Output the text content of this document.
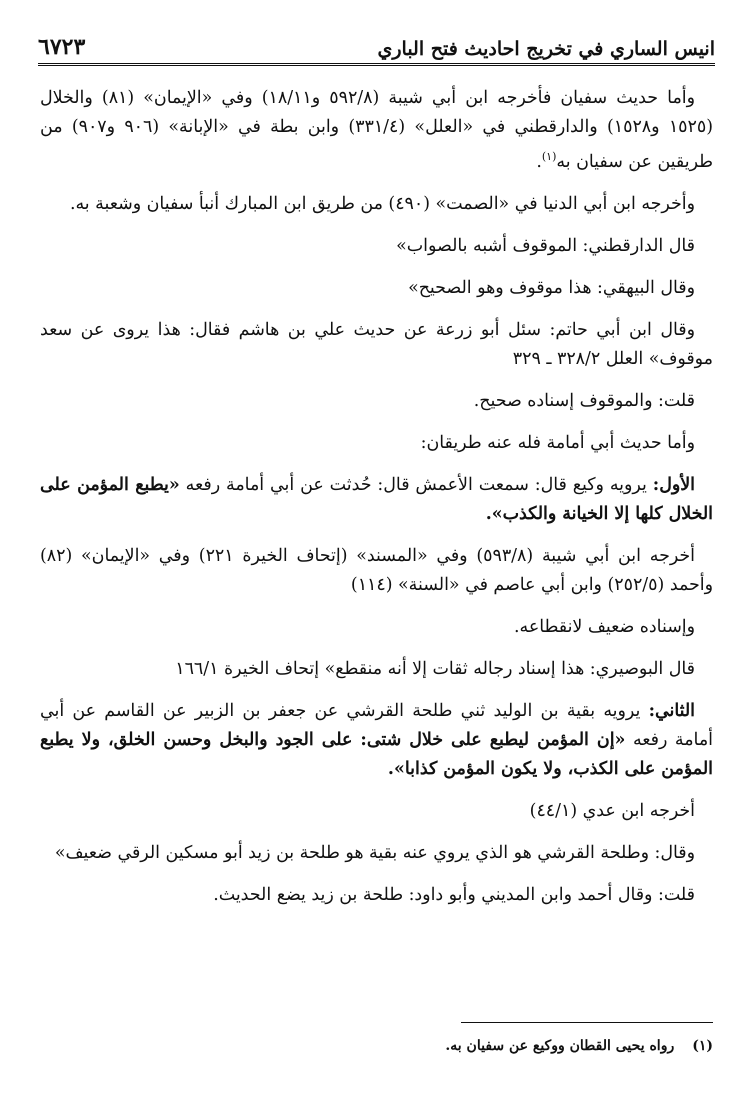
انيس الساري في تخريج احاديث فتح الباري
٦٧٢٣

وأما حديث سفيان فأخرجه ابن أبي شيبة (٥٩٢/٨ و١٨/١١) وفي «الإيمان» (٨١) والخلال (١٥٢٥ و١٥٢٨) والدارقطني في «العلل» (٣٣١/٤) وابن بطة في «الإبانة» (٩٠٦ و٩٠٧) من طريقين عن سفيان به$^{(١)}$.

وأخرجه ابن أبي الدنيا في «الصمت» (٤٩٠) من طريق ابن المبارك أنبأ سفيان وشعبة به.

قال الدارقطني: الموقوف أشبه بالصواب»

وقال البيهقي: هذا موقوف وهو الصحيح»

وقال ابن أبي حاتم: سئل أبو زرعة عن حديث علي بن هاشم فقال: هذا يروى عن سعد موقوف» العلل ٣٢٨/٢ ـ ٣٢٩

قلت: والموقوف إسناده صحيح.

وأما حديث أبي أمامة فله عنه طريقان:

الأول: يرويه وكيع قال: سمعت الأعمش قال: حُدثت عن أبي أمامة رفعه «يطبع المؤمن على الخلال كلها إلا الخيانة والكذب».

أخرجه ابن أبي شيبة (٥٩٣/٨) وفي «المسند» (إتحاف الخيرة ٢٢١) وفي «الإيمان» (٨٢) وأحمد (٢٥٢/٥) وابن أبي عاصم في «السنة» (١١٤)

وإسناده ضعيف لانقطاعه.

قال البوصيري: هذا إسناد رجاله ثقات إلا أنه منقطع» إتحاف الخيرة ١٦٦/١

الثاني: يرويه بقية بن الوليد ثني طلحة القرشي عن جعفر بن الزبير عن القاسم عن أبي أمامة رفعه «إن المؤمن ليطبع على خلال شتى: على الجود والبخل وحسن الخلق، ولا يطبع المؤمن على الكذب، ولا يكون المؤمن كذابا».

أخرجه ابن عدي (٤٤/١)

وقال: وطلحة القرشي هو الذي يروي عنه بقية هو طلحة بن زيد أبو مسكين الرقي ضعيف»

قلت: وقال أحمد وابن المديني وأبو داود: طلحة بن زيد يضع الحديث.

(١)رواه يحيى القطان ووكيع عن سفيان به.
